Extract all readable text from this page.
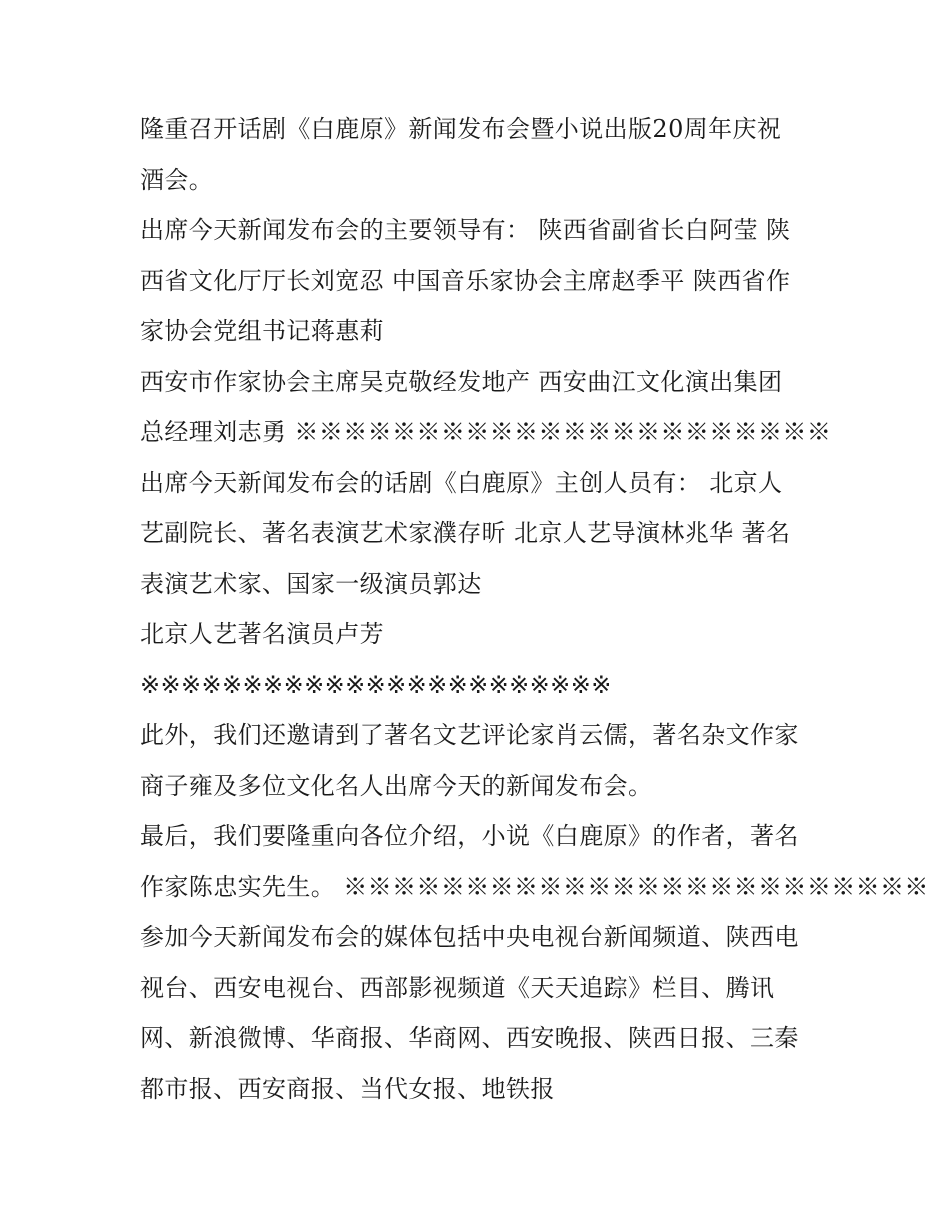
隆重召开话剧《白鹿原》新闻发布会暨小说出版20周年庆祝
酒会。
出席今天新闻发布会的主要领导有： 陕西省副省长白阿莹 陕
西省文化厅厅长刘宽忍 中国音乐家协会主席赵季平 陕西省作
家协会党组书记蒋惠莉
西安市作家协会主席吴克敬经发地产 西安曲江文化演出集团
总经理刘志勇 ※※※※※※※※※※※※※※※※※※※※※※
出席今天新闻发布会的话剧《白鹿原》主创人员有： 北京人
艺副院长、著名表演艺术家濮存昕 北京人艺导演林兆华 著名
表演艺术家、国家一级演员郭达
北京人艺著名演员卢芳
※※※※※※※※※※※※※※※※※※※※※※※
此外，我们还邀请到了著名文艺评论家肖云儒，著名杂文作家
商子雍及多位文化名人出席今天的新闻发布会。
最后，我们要隆重向各位介绍，小说《白鹿原》的作者，著名
作家陈忠实先生。 ※※※※※※※※※※※※※※※※※※※※※※※※
参加今天新闻发布会的媒体包括中央电视台新闻频道、陕西电
视台、西安电视台、西部影视频道《天天追踪》栏目、腾讯
网、新浪微博、华商报、华商网、西安晚报、陕西日报、三秦
都市报、西安商报、当代女报、地铁报
